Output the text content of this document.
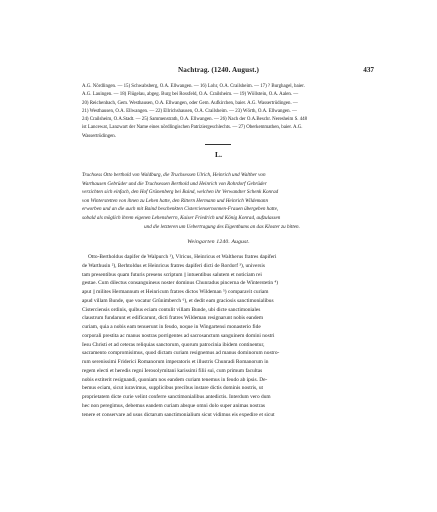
Nachtrag. (1240. August.)	437
A.G. Nördlingen. — 15) Schwabsberg, O.A. Ellwangen. — 16) Lohr, O.A. Crailsheim. — 17) ? Burghagel, baier.
A.G. Lauingen. — 18) Flügelau, abgeg. Burg bei Rossfeld, O.A. Crailsheim. — 19) Wöllstein, O.A. Aalen. —
20) Reichenbach, Gem. Westhausen, O.A. Ellwangen, oder Gem. Aufkirchen, baier. A.G. Wassertrüdingen. —
21) Westhausen, O.A. Ellwangen. — 22) Ellrichshausen, O.A. Crailsheim. — 23) Wörth, O.A. Ellwangen. —
24) Crailsheim, O.A.Stadt. — 25) Sammenstrath, O.A. Ellwangen. — 26) Nach der O.A.Beschr. Neresheim S. 448
ist Lancewat, Lanzwart der Name eines nördlingischen Patriziergeschlechts. — 27) Oberkemmathen, baier. A.G.
Wassertrüdingen.
L.
Truchsess Otto berthold von Waldburg, die Truchsessen Ulrich, Heinrich und Walther von
Warthausen Gebrüder und die Truchsessen Berthold und Heinrich von Rohrdorf Gebrüder
verzichten sich einfach, den Hof Grünenberg bei Baind, welchen ihr Verwandter Schenk Konrad
von Winterstetten von ihnen zu Lehen hatte, den Rittern Hermann und Heinrich Wildemann
erworben und an die auch mit Baind beschenkten Cisterciensernonnen-Frauen übergeben hatte,
sobald als möglich ihrem eigenen Lehensherrn, Kaiser Friedrich und König Konrad, aufzulassen
und die letzteren um Uebertragung des Eigenthums an das Kloster zu bitten.
Weingarten 1240. August.
Otto-Bertholdus dapifer de Walpurch ¹), Vlricus, Heinricus et Waltherus fratres dapiferi
de Warthusin ²), Berhtoldus et Heinricus fratres dapiferi dicti de Rordorf ³), universis
tam presentibus quam futuris presens scriptum || intuentibus salutem et noticiam rei
gestae. Cum dilectus consanguineus noster dominus Chunradus pincerna de Winterstetin ⁴)
aput || milites Hermannum et Heinricum fratres dictos Wildeman ⁵) comparavit curiam
apud villam Bunde, que vocatur Grûnimberch ⁶), et dedit eam graciosis sanctimonialibus
Cisterciensis ordinis, quibus eciam contulit villam Bunde, ubi dicte sanctimoniales
claustrum fundarunt et edificarunt, dicti fratres Wildeman resignarunt nobis eandem
curiam, quia a nobis eam tenuerunt in feudo, noque in Wingartensi monasterio fide
corporali prestita ac manus nostras porrigentes ad sacrosanctum sanguinem domini nostri
Iesu Christi et ad ceteras reliquias sanctorum, quorum patrocinia ibidem continentur,
sacramento compromisimus, quod dictam curiam resignemus ad manus dominorum nostro-
rum serenissimi Friderici Romanorum imperatoris et illustris Chunradi Romanorum in
regem electi et heredis regni Ierosolymitani karissimi filii sui, cum primum facultas
nobis extiterit resignandi, quoniam nos eandem curiam tenemus in feudo ab ipsis. De-
bemus eciam, sicut iuravimus, supplicibus precibus instare dictis dominis nostris, ut
proprietatem dicte curie velint conferre sanctimonialibus antedictis. Interdum vero dum
hec non peregimus, debemus eandem curiam absque omni dolo super animas nostras
tenere et conservare ad usus dictarum sanctimonialium sicut vidimus eis expedire et sicut
